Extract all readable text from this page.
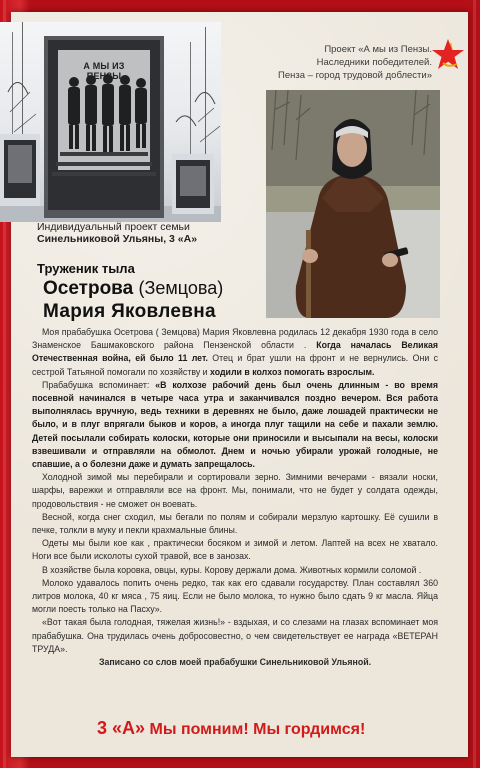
А МЫ ИЗ ПЕНЗЫ
Проект «А мы из Пензы.
Наследники победителей.
Пенза – город трудовой доблести»
Индивидуальный проект семьи
Синельниковой Ульяны, 3 «А»
Труженик тыла
Осетрова (Земцова)
Мария Яковлевна

Моя прабабушка Осетрова ( Земцова) Мария Яковлевна родилась 12 декабря 1930 года в село Знаменское Башмаковского района Пензенской области . Когда началась Великая Отечественная война, ей было 11 лет. Отец и брат ушли на фронт и не вернулись. Они с сестрой Татьяной помогали по хозяйству и ходили в колхоз помогать взрослым.

Прабабушка вспоминает: «В колхозе рабочий день был очень длинным - во время посевной начинался в четыре часа утра и заканчивался поздно вечером. Вся работа выполнялась вручную, ведь техники в деревнях не было, даже лошадей практически не было, и в плуг впрягали быков и коров, а иногда плуг тащили на себе и пахали землю. Детей посылали собирать колоски, которые они приносили и высыпали на весы, колоски взвешивали и отправляли на обмолот. Днем и ночью убирали урожай голодные, не спавшие, а о болезни даже и думать запрещалось.

Холодной зимой мы перебирали и сортировали зерно. Зимними вечерами - вязали носки, шарфы, варежки и отправляли все на фронт. Мы, понимали, что не будет у солдата одежды, продовольствия - не сможет он воевать.

Весной, когда снег сходил, мы бегали по полям и собирали мерзлую картошку. Её сушили в печке, толкли в муку и пекли крахмальные блины.

Одеты мы были кое как , практически босяком и зимой и летом. Лаптей на всех не хватало. Ноги все были исколоты сухой травой, все в занозах.

В хозяйстве была коровка, овцы, куры. Корову держали дома. Животных кормили соломой .

Молоко удавалось попить очень редко, так как его сдавали государству. План составлял 360 литров молока, 40 кг мяса , 75 яиц. Если не было молока, то нужно было сдать 9 кг масла. Яйца могли поесть только на Пасху».

«Вот такая была голодная, тяжелая жизнь!» - вздыхая, и со слезами на глазах вспоминает моя прабабушка. Она трудилась очень добросовестно, о чем свидетельствует ее награда «ВЕТЕРАН ТРУДА».

Записано со слов моей прабабушки Синельниковой Ульяной.

3 «А» Мы помним! Мы гордимся!
